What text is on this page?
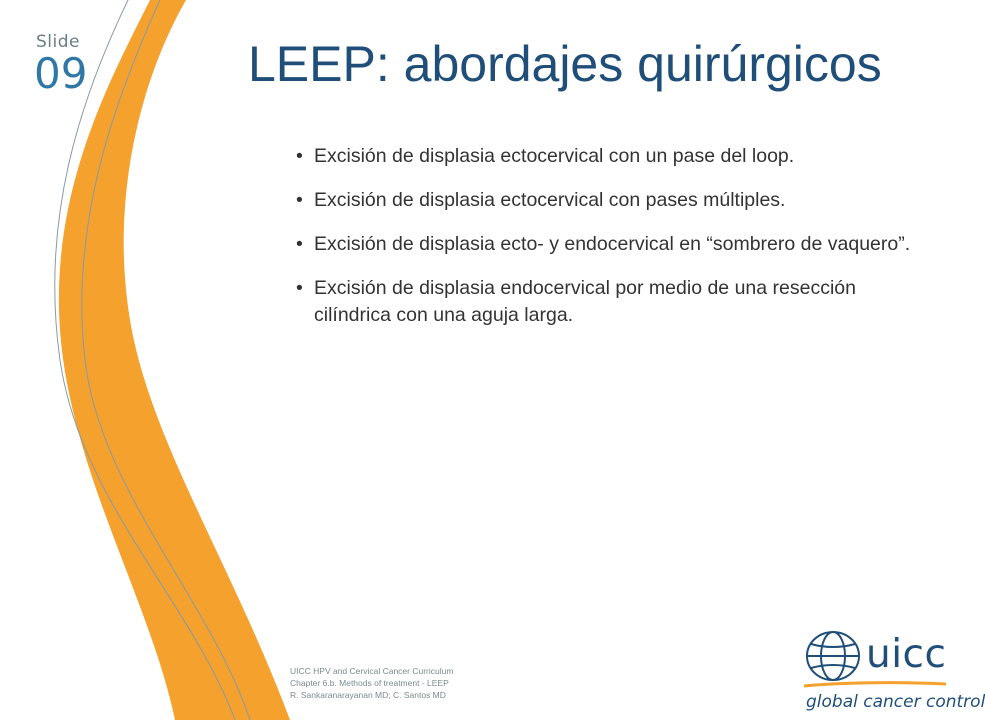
Slide
09	LEEP: abordajes quirúrgicos
• Excisión de displasia ectocervical con un pase del loop.
• Excisión de displasia ectocervical con pases múltiples.
• Excisión de displasia ecto- y endocervical en “sombrero de vaquero”.
• Excisión de displasia endocervical por medio de una resección cilíndrica con una aguja larga.
UICC HPV and Cervical Cancer Curriculum
Chapter 6.b. Methods of treatment - LEEP
R. Sankaranarayanan MD; C. Santos MD
uicc
global cancer control
